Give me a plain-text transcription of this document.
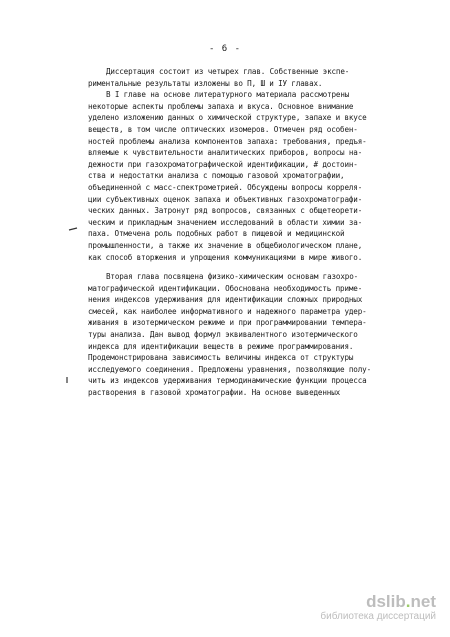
- 6 -
Диссертация состоит из четырех глав. Собственные экспе-
риментальные результаты изложены во П, Ш и IУ главах.
В I главе на основе литературного материала рассмотрены
некоторые аспекты проблемы запаха и вкуса. Основное внимание
уделено изложению данных о химической структуре, запахе и вкусе
веществ, в том числе оптических изомеров. Отмечен ряд особен-
ностей проблемы анализа компонентов запаха: требования, предъя-
вляемые к чувствительности аналитических приборов, вопросы на-
дежности при газохроматографической идентификации, # достоин-
ства и недостатки анализа с помощью газовой хроматографии,
объединенной с масс-спектрометрией. Обсуждены вопросы корреля-
ции субъективных оценок запаха и объективных газохроматографи-
ческих данных. Затронут ряд вопросов, связанных с общетеорети-
ческим и прикладным значением исследований в области химии за-
паха. Отмечена роль подобных работ в пищевой и медицинской
промышленности, а также их значение в общебиологическом плане,
как способ вторжения и упрощения коммуникациями в мире живого.
Вторая глава посвящена физико-химическим основам газохро-
матографической идентификации. Обоснована необходимость приме-
нения индексов удерживания для идентификации сложных природных
смесей, как наиболее информативного и надежного параметра удер-
живания в изотермическом режиме и при программировании темпера-
туры анализа. Дан вывод формул эквивалентного изотермического
индекса для идентификации веществ в режиме программирования.
Продемонстрирована зависимость величины индекса от структуры
исследуемого соединения. Предложены уравнения, позволяющие полу-
чить из индексов удерживания термодинамические функции процесса
растворения в газовой хроматографии. На основе выведенных
dslib.net
библиотека диссертаций
